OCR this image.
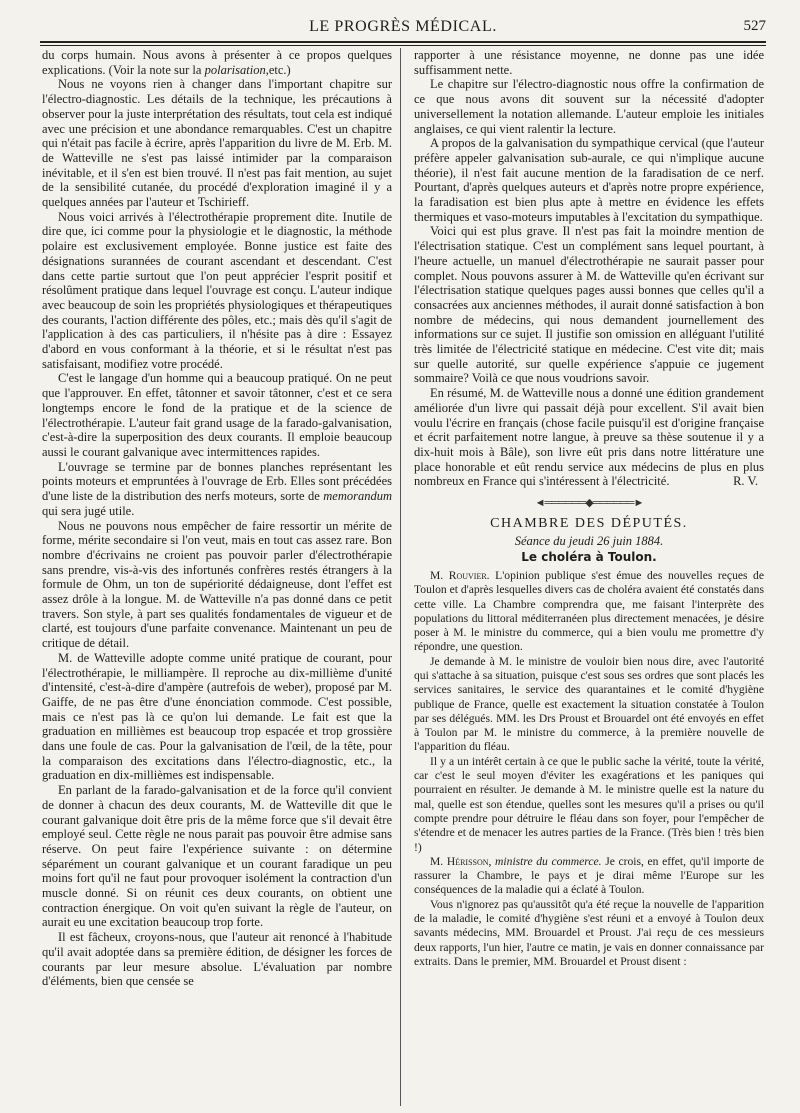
LE PROGRÈS MÉDICAL.	527

du corps humain. Nous avons à présenter à ce propos quelques explications. (Voir la note sur la polarisation,etc.)

Nous ne voyons rien à changer dans l'important chapitre sur l'électro-diagnostic. Les détails de la technique, les précautions à observer pour la juste interprétation des résultats, tout cela est indiqué avec une précision et une abondance remarquables. C'est un chapitre qui n'était pas facile à écrire, après l'apparition du livre de M. Erb. M. de Watteville ne s'est pas laissé intimider par la comparaison inévitable, et il s'en est bien trouvé. Il n'est pas fait mention, au sujet de la sensibilité cutanée, du procédé d'exploration imaginé il y a quelques années par l'auteur et Tschirieff.

Nous voici arrivés à l'électrothérapie proprement dite. Inutile de dire que, ici comme pour la physiologie et le diagnostic, la méthode polaire est exclusivement employée. Bonne justice est faite des désignations surannées de courant ascendant et descendant. C'est dans cette partie surtout que l'on peut apprécier l'esprit positif et résolûment pratique dans lequel l'ouvrage est conçu. L'auteur indique avec beaucoup de soin les propriétés physiologiques et thérapeutiques des courants, l'action différente des pôles, etc.; mais dès qu'il s'agit de l'application à des cas particuliers, il n'hésite pas à dire : Essayez d'abord en vous conformant à la théorie, et si le résultat n'est pas satisfaisant, modifiez votre procédé.

C'est le langage d'un homme qui a beaucoup pratiqué. On ne peut que l'approuver. En effet, tâtonner et savoir tâtonner, c'est et ce sera longtemps encore le fond de la pratique et de la science de l'électrothérapie. L'auteur fait grand usage de la farado-galvanisation, c'est-à-dire la superposition des deux courants. Il emploie beaucoup aussi le courant galvanique avec intermittences rapides.

L'ouvrage se termine par de bonnes planches représentant les points moteurs et empruntées à l'ouvrage de Erb. Elles sont précédées d'une liste de la distribution des nerfs moteurs, sorte de memorandum qui sera jugé utile.

Nous ne pouvons nous empêcher de faire ressortir un mérite de forme, mérite secondaire si l'on veut, mais en tout cas assez rare. Bon nombre d'écrivains ne croient pas pouvoir parler d'électrothérapie sans prendre, vis-à-vis des infortunés confrères restés étrangers à la formule de Ohm, un ton de supériorité dédaigneuse, dont l'effet est assez drôle à la longue. M. de Watteville n'a pas donné dans ce petit travers. Son style, à part ses qualités fondamentales de vigueur et de clarté, est toujours d'une parfaite convenance. Maintenant un peu de critique de détail.

M. de Watteville adopte comme unité pratique de courant, pour l'électrothérapie, le milliampère. Il reproche au dix-millième d'unité d'intensité, c'est-à-dire d'ampère (autrefois de weber), proposé par M. Gaiffe, de ne pas être d'une énonciation commode. C'est possible, mais ce n'est pas là ce qu'on lui demande. Le fait est que la graduation en millièmes est beaucoup trop espacée et trop grossière dans une foule de cas. Pour la galvanisation de l'œil, de la tête, pour la comparaison des excitations dans l'électro-diagnostic, etc., la graduation en dix-millièmes est indispensable.

En parlant de la farado-galvanisation et de la force qu'il convient de donner à chacun des deux courants, M. de Watteville dit que le courant galvanique doit être pris de la même force que s'il devait être employé seul. Cette règle ne nous parait pas pouvoir être admise sans réserve. On peut faire l'expérience suivante : on détermine séparément un courant galvanique et un courant faradique un peu moins fort qu'il ne faut pour provoquer isolément la contraction d'un muscle donné. Si on réunit ces deux courants, on obtient une contraction énergique. On voit qu'en suivant la règle de l'auteur, on aurait eu une excitation beaucoup trop forte.

Il est fâcheux, croyons-nous, que l'auteur ait renoncé à l'habitude qu'il avait adoptée dans sa première édition, de désigner les forces de courants par leur mesure absolue. L'évaluation par nombre d'éléments, bien que censée se

rapporter à une résistance moyenne, ne donne pas une idée suffisamment nette.

Le chapitre sur l'électro-diagnostic nous offre la confirmation de ce que nous avons dit souvent sur la nécessité d'adopter universellement la notation allemande. L'auteur emploie les initiales anglaises, ce qui vient ralentir la lecture.

A propos de la galvanisation du sympathique cervical (que l'auteur préfère appeler galvanisation sub-aurale, ce qui n'implique aucune théorie), il n'est fait aucune mention de la faradisation de ce nerf. Pourtant, d'après quelques auteurs et d'après notre propre expérience, la faradisation est bien plus apte à mettre en évidence les effets thermiques et vaso-moteurs imputables à l'excitation du sympathique.

Voici qui est plus grave. Il n'est pas fait la moindre mention de l'électrisation statique. C'est un complément sans lequel pourtant, à l'heure actuelle, un manuel d'électrothérapie ne saurait passer pour complet. Nous pouvons assurer à M. de Watteville qu'en écrivant sur l'électrisation statique quelques pages aussi bonnes que celles qu'il a consacrées aux anciennes méthodes, il aurait donné satisfaction à bon nombre de médecins, qui nous demandent journellement des informations sur ce sujet. Il justifie son omission en alléguant l'utilité très limitée de l'électricité statique en médecine. C'est vite dit; mais sur quelle autorité, sur quelle expérience s'appuie ce jugement sommaire? Voilà ce que nous voudrions savoir.

En résumé, M. de Watteville nous a donné une édition grandement améliorée d'un livre qui passait déjà pour excellent. S'il avait bien voulu l'écrire en français (chose facile puisqu'il est d'origine française et écrit parfaitement notre langue, à preuve sa thèse soutenue il y a dix-huit mois à Bâle), son livre eût pris dans notre littérature une place honorable et eût rendu service aux médecins de plus en plus nombreux en France qui s'intéressent à l'électricité.	R. V.

◄══════◆══════►
CHAMBRE DES DÉPUTÉS.
Séance du jeudi 26 juin 1884.
Le choléra à Toulon.

M. Rouvier. L'opinion publique s'est émue des nouvelles reçues de Toulon et d'après lesquelles divers cas de choléra avaient été constatés dans cette ville. La Chambre comprendra que, me faisant l'interprète des populations du littoral méditerranéen plus directement menacées, je désire poser à M. le ministre du commerce, qui a bien voulu me promettre d'y répondre, une question.

Je demande à M. le ministre de vouloir bien nous dire, avec l'autorité qui s'attache à sa situation, puisque c'est sous ses ordres que sont placés les services sanitaires, le service des quarantaines et le comité d'hygiène publique de France, quelle est exactement la situation constatée à Toulon par ses délégués. MM. les Drs Proust et Brouardel ont été envoyés en effet à Toulon par M. le ministre du commerce, à la première nouvelle de l'apparition du fléau.

Il y a un intérêt certain à ce que le public sache la vérité, toute la vérité, car c'est le seul moyen d'éviter les exagérations et les paniques qui pourraient en résulter. Je demande à M. le ministre quelle est la nature du mal, quelle est son étendue, quelles sont les mesures qu'il a prises ou qu'il compte prendre pour détruire le fléau dans son foyer, pour l'empêcher de s'étendre et de menacer les autres parties de la France. (Très bien ! très bien !)

M. Hérisson, ministre du commerce. Je crois, en effet, qu'il importe de rassurer la Chambre, le pays et je dirai même l'Europe sur les conséquences de la maladie qui a éclaté à Toulon.

Vous n'ignorez pas qu'aussitôt qu'a été reçue la nouvelle de l'apparition de la maladie, le comité d'hygiène s'est réuni et a envoyé à Toulon deux savants médecins, MM. Brouardel et Proust. J'ai reçu de ces messieurs deux rapports, l'un hier, l'autre ce matin, je vais en donner connaissance par extraits. Dans le premier, MM. Brouardel et Proust disent :
